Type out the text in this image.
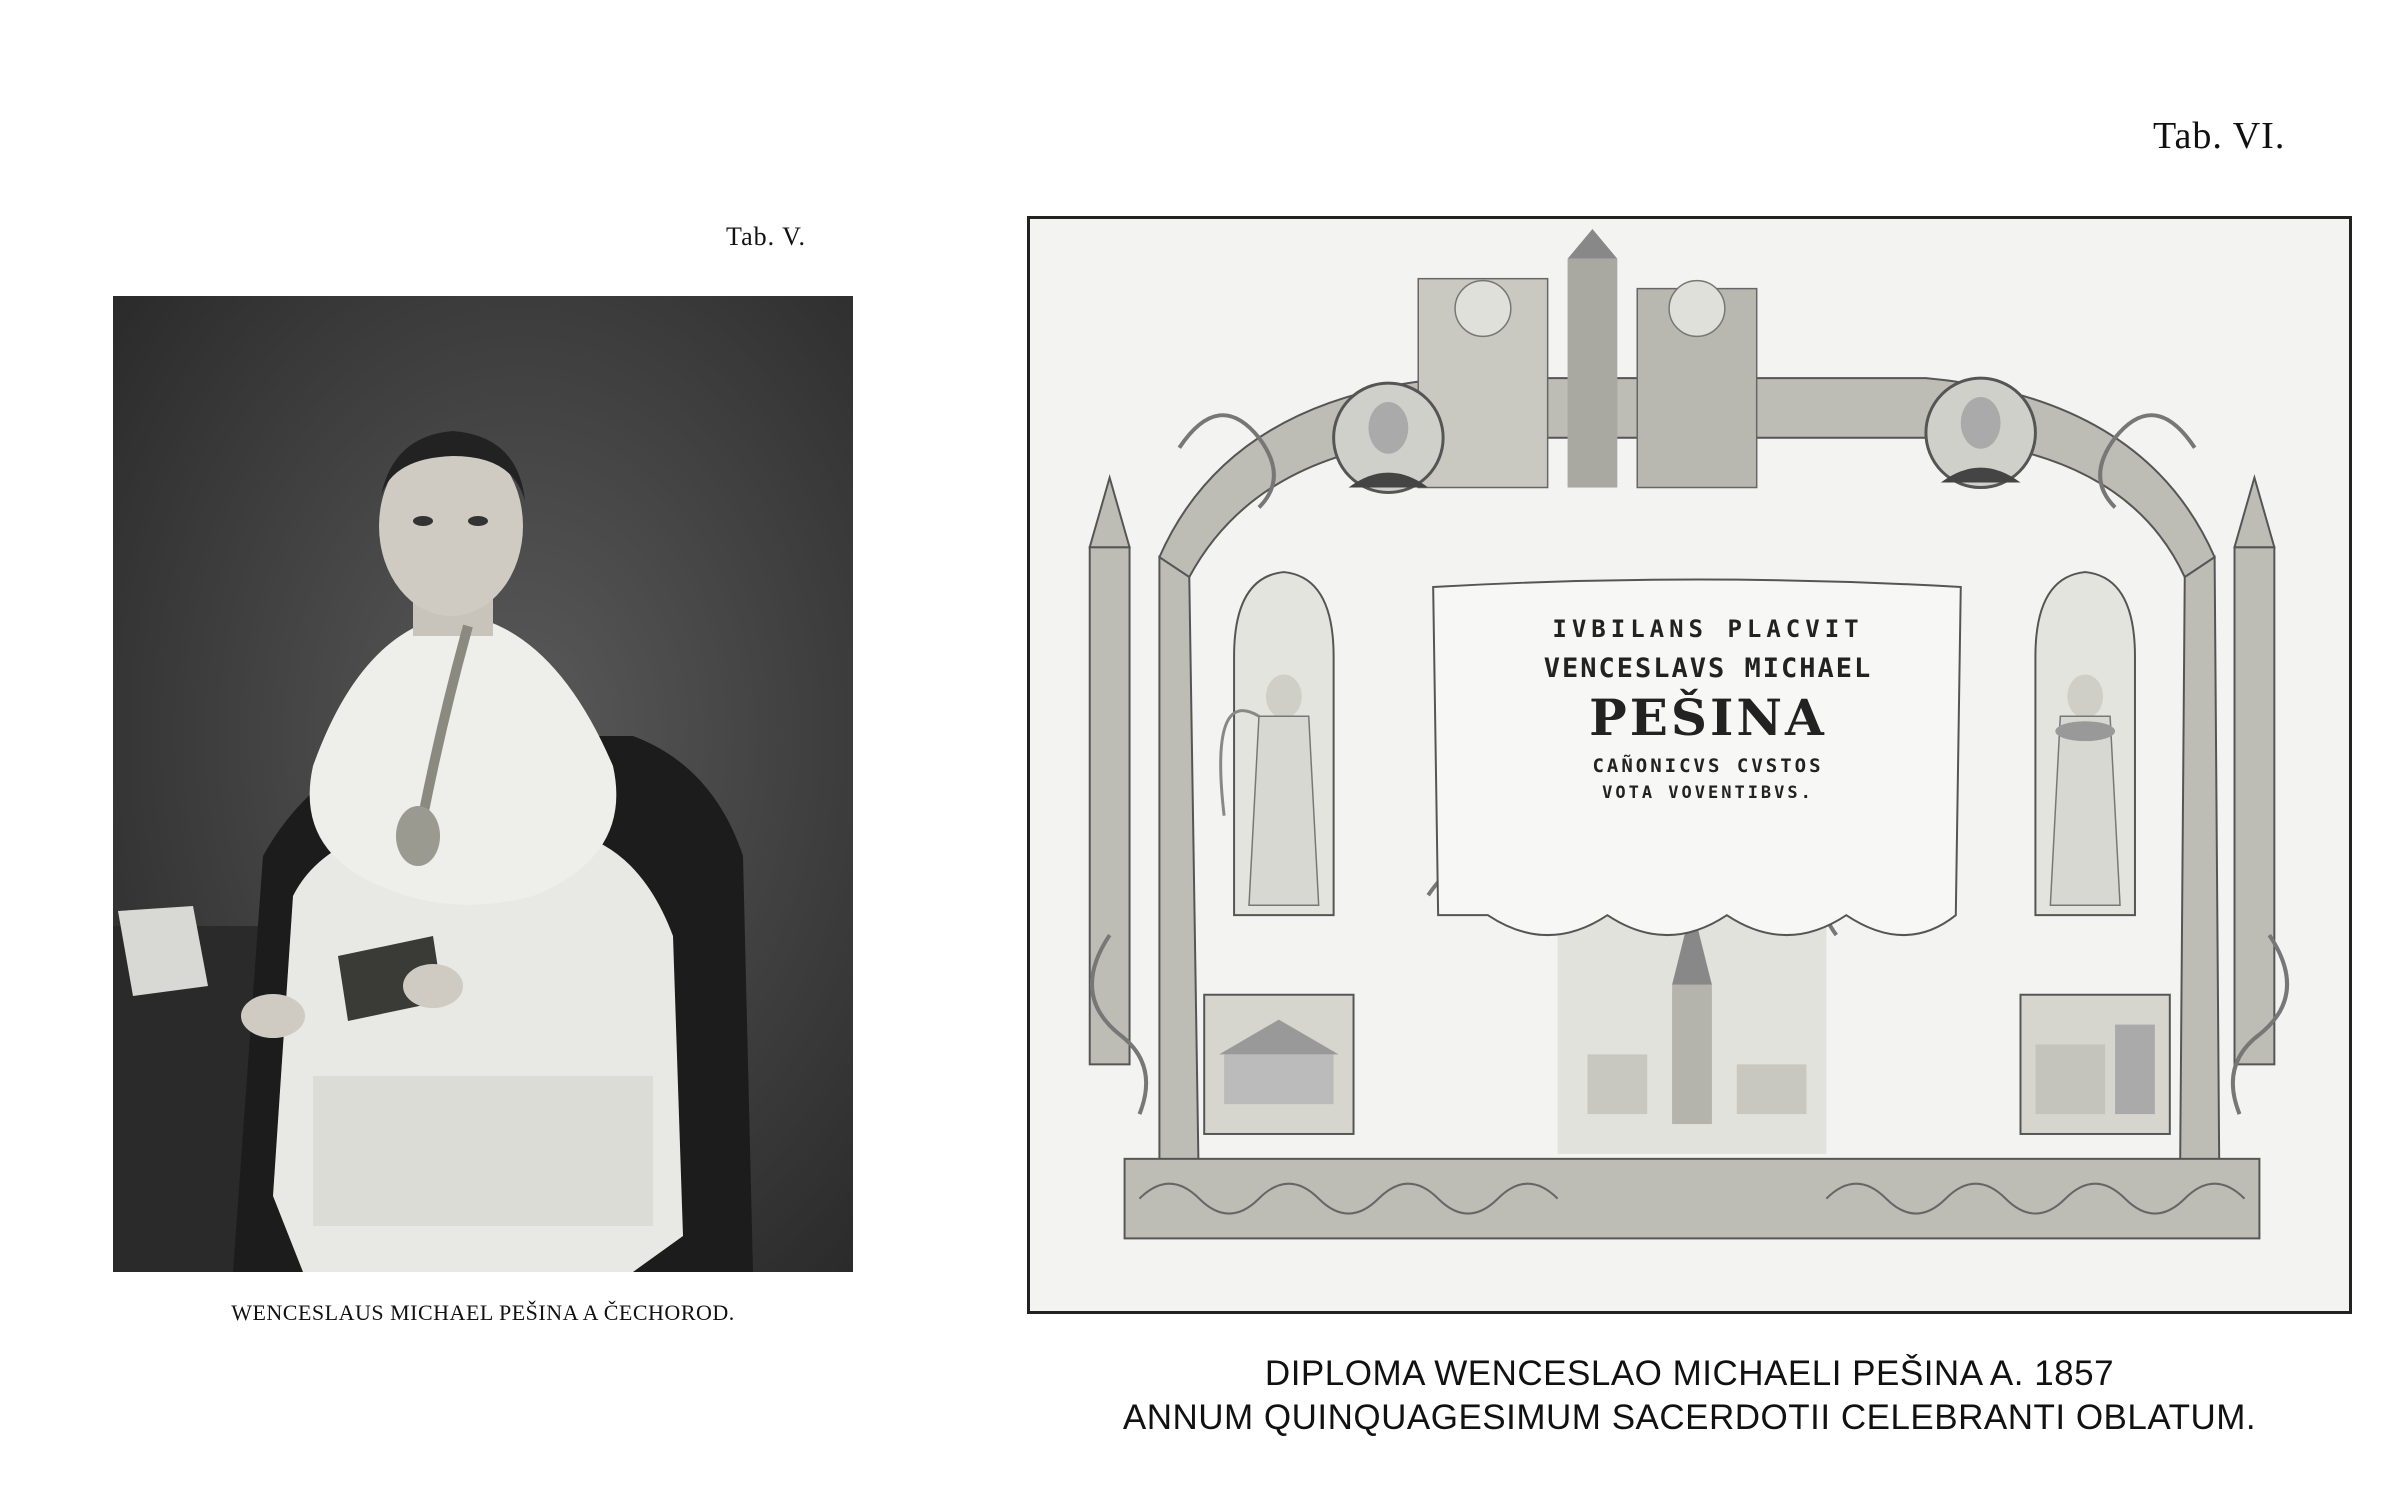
Tab. V.
WENCESLAUS MICHAEL PEŠINA A ČECHOROD.
Tab. VI.
IVBILANS PLACVIT
VENCESLAVS MICHAEL
PEŠINA
CAÑONICVS CVSTOS
VOTA VOVENTIBVS.
DIPLOMA WENCESLAO MICHAELI PEŠINA A. 1857
ANNUM QUINQUAGESIMUM SACERDOTII CELEBRANTI OBLATUM.
